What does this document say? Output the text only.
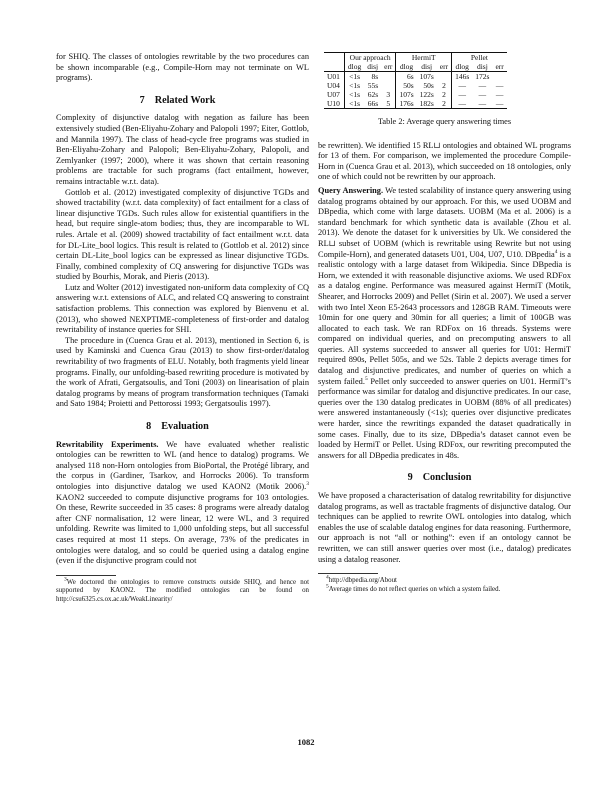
for SHIQ. The classes of ontologies rewritable by the two procedures can be shown incomparable (e.g., Compile-Horn may not terminate on WL programs).

7 Related Work

Complexity of disjunctive datalog with negation as failure has been extensively studied (Ben-Eliyahu-Zohary and Palopoli 1997; Eiter, Gottlob, and Mannila 1997). The class of head-cycle free programs was studied in Ben-Eliyahu-Zohary and Palopoli; Ben-Eliyahu-Zohary, Palopoli, and Zemlyanker (1997; 2000), where it was shown that certain reasoning problems are tractable for such programs (fact entailment, however, remains intractable w.r.t. data).

Gottlob et al. (2012) investigated complexity of disjunctive TGDs and showed tractability (w.r.t. data complexity) of fact entailment for a class of linear disjunctive TGDs. Such rules allow for existential quantifiers in the head, but require single-atom bodies; thus, they are incomparable to WL rules. Artale et al. (2009) showed tractability of fact entailment w.r.t. data for DL-Lite_bool logics. This result is related to (Gottlob et al. 2012) since certain DL-Lite_bool logics can be expressed as linear disjunctive TGDs. Finally, combined complexity of CQ answering for disjunctive TGDs was studied by Bourhis, Morak, and Pieris (2013).

Lutz and Wolter (2012) investigated non-uniform data complexity of CQ answering w.r.t. extensions of ALC, and related CQ answering to constraint satisfaction problems. This connection was explored by Bienvenu et al. (2013), who showed NEXPTIME-completeness of first-order and datalog rewritability of instance queries for SHI.

The procedure in (Cuenca Grau et al. 2013), mentioned in Section 6, is used by Kaminski and Cuenca Grau (2013) to show first-order/datalog rewritability of two fragments of ELU. Notably, both fragments yield linear programs. Finally, our unfolding-based rewriting procedure is motivated by the work of Afrati, Gergatsoulis, and Toni (2003) on linearisation of plain datalog programs by means of program transformation techniques (Tamaki and Sato 1984; Proietti and Pettorossi 1993; Gergatsoulis 1997).

8 Evaluation

Rewritability Experiments. We have evaluated whether realistic ontologies can be rewritten to WL (and hence to datalog) programs. We analysed 118 non-Horn ontologies from BioPortal, the Protégé library, and the corpus in (Gardiner, Tsarkov, and Horrocks 2006). To transform ontologies into disjunctive datalog we used KAON2 (Motik 2006).$^3$ KAON2 succeeded to compute disjunctive programs for 103 ontologies. On these, Rewrite succeeded in 35 cases: 8 programs were already datalog after CNF normalisation, 12 were linear, 12 were WL, and 3 required unfolding. Rewrite was limited to 1,000 unfolding steps, but all successful cases required at most 11 steps. On average, 73% of the predicates in ontologies were datalog, and so could be queried using a datalog engine (even if the disjunctive program could not

$^3$We doctored the ontologies to remove constructs outside SHIQ, and hence not supported by KAON2. The modified ontologies can be found on http://csu6325.cs.ox.ac.uk/WeakLinearity/

	Our approach			HermiT			Pellet		
	dlog	disj	err	dlog	disj	err	dlog	disj	err
U01	<1s	8s		6s	107s		146s	172s	
U04	<1s	55s		50s	50s	2	—	—	—
U07	<1s	62s	3	107s	122s	2	—	—	—
U10	<1s	66s	5	176s	182s	2	—	—	—
Table 2: Average query answering times

be rewritten). We identified 15 RL⊔ ontologies and obtained WL programs for 13 of them. For comparison, we implemented the procedure Compile-Horn in (Cuenca Grau et al. 2013), which succeeded on 18 ontologies, only one of which could not be rewritten by our approach.

Query Answering. We tested scalability of instance query answering using datalog programs obtained by our approach. For this, we used UOBM and DBpedia, which come with large datasets. UOBM (Ma et al. 2006) is a standard benchmark for which synthetic data is available (Zhou et al. 2013). We denote the dataset for k universities by Uk. We considered the RL⊔ subset of UOBM (which is rewritable using Rewrite but not using Compile-Horn), and generated datasets U01, U04, U07, U10. DBpedia$^4$ is a realistic ontology with a large dataset from Wikipedia. Since DBpedia is Horn, we extended it with reasonable disjunctive axioms. We used RDFox as a datalog engine. Performance was measured against HermiT (Motik, Shearer, and Horrocks 2009) and Pellet (Sirin et al. 2007). We used a server with two Intel Xeon E5-2643 processors and 128GB RAM. Timeouts were 10min for one query and 30min for all queries; a limit of 100GB was allocated to each task. We ran RDFox on 16 threads. Systems were compared on individual queries, and on precomputing answers to all queries. All systems succeeded to answer all queries for U01: HermiT required 890s, Pellet 505s, and we 52s. Table 2 depicts average times for datalog and disjunctive predicates, and number of queries on which a system failed.$^5$ Pellet only succeeded to answer queries on U01. HermiT’s performance was similar for datalog and disjunctive predicates. In our case, queries over the 130 datalog predicates in UOBM (88% of all predicates) were answered instantaneously (<1s); queries over disjunctive predicates were harder, since the rewritings expanded the dataset quadratically in some cases. Finally, due to its size, DBpedia’s dataset cannot even be loaded by HermiT or Pellet. Using RDFox, our rewriting precomputed the answers for all DBpedia predicates in 48s.

9 Conclusion

We have proposed a characterisation of datalog rewritability for disjunctive datalog programs, as well as tractable fragments of disjunctive datalog. Our techniques can be applied to rewrite OWL ontologies into datalog, which enables the use of scalable datalog engines for data reasoning. Furthermore, our approach is not “all or nothing”: even if an ontology cannot be rewritten, we can still answer queries over most (i.e., datalog) predicates using a datalog reasoner.

$^4$http://dbpedia.org/About

$^5$Average times do not reflect queries on which a system failed.

1082
